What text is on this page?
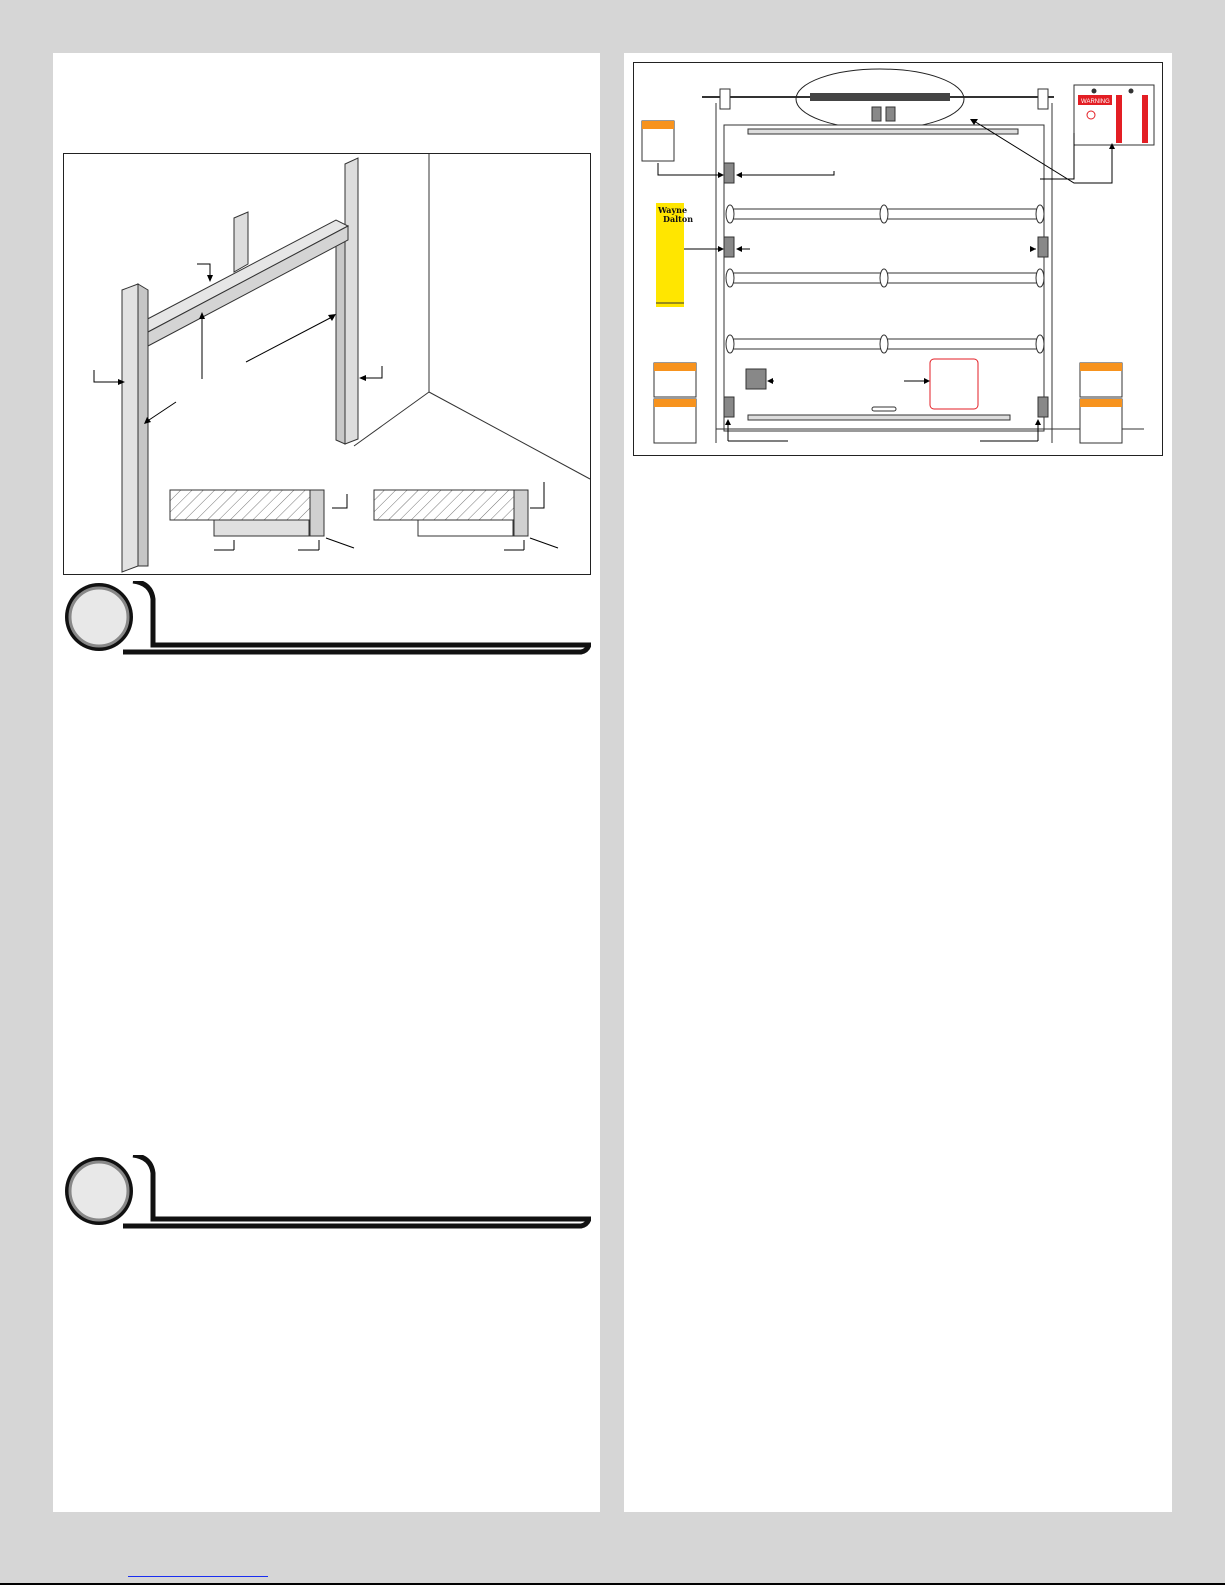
WARNING
Wayne
Dalton
